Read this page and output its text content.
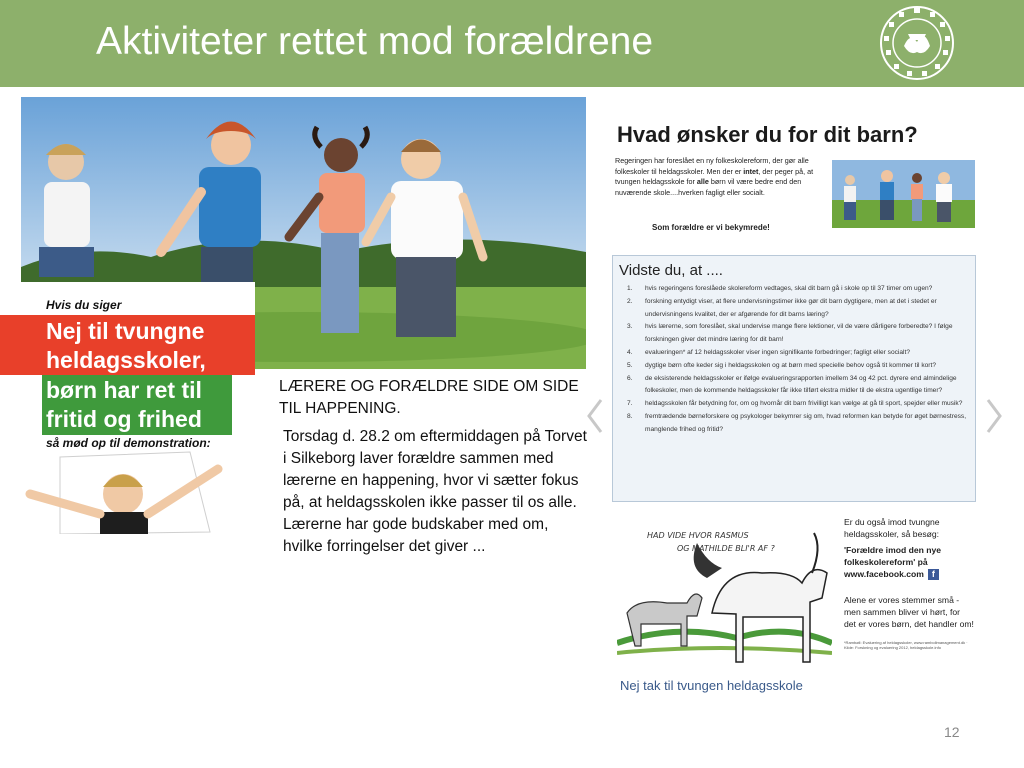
Aktiviteter rettet mod forældrene
Hvis du siger
Nej til tvungne
heldagsskoler,
børn har ret til
fritid og frihed
så mød op til demonstration:

LÆRERE OG FORÆLDRE SIDE OM SIDE TIL HAPPENING.

Torsdag d. 28.2 om eftermiddagen på Torvet i Silkeborg laver forældre sammen med lærerne en happening, hvor vi sætter fokus på, at heldagsskolen ikke passer til os alle. Lærerne har gode budskaber med om, hvilke forringelser det giver ...

Hvad ønsker du for dit barn?
Regeringen har foreslået en ny folkeskolereform, der gør alle folkeskoler til heldagsskoler. Men der er intet, der peger på, at tvungen heldagsskole for alle børn vil være bedre end den nuværende skole....hverken fagligt eller socialt.
Som forældre er vi bekymrede!
Vidste du, at ....
1.	hvis regeringens foreslåede skolereform vedtages, skal dit barn gå i skole op til 37 timer om ugen?
2.	forskning entydigt viser, at flere undervisningstimer ikke gør dit barn dygtigere, men at det i stedet er undervisningens kvalitet, der er afgørende for dit barns læring?
3.	hvis lærerne, som foreslået, skal undervise mange flere lektioner, vil de være dårligere forberedte? I følge forskningen giver det mindre læring for dit barn!
4.	evalueringen* af 12 heldagsskoler viser ingen signifikante forbedringer; fagligt eller socialt?
5.	dygtige børn ofte keder sig i heldagsskolen og at børn med specielle behov også tit kommer til kort?
6.	de eksisterende heldagsskoler er ifølge evalueringsrapporten imellem 34 og 42 pct. dyrere end almindelige folkeskoler, men de kommende heldagsskoler får ikke tilført ekstra midler til de ekstra ugentlige timer?
7.	heldagsskolen får betydning for, om og hvornår dit barn frivilligt kan vælge at gå til sport, spejder eller musik?
8.	fremtrædende børneforskere og psykologer bekymrer sig om, hvad reformen kan betyde for øget børnestress, manglende frihed og fritid?
HAD VIDE HVOR RASMUS
OG MATHILDE BLI'R AF ?
Nej tak til tvungen heldagsskole
Er du også imod tvungne heldagsskoler, så besøg:
'Forældre imod den nye folkeskolereform' på www.facebook.com f
Alene er vores stemmer små - men sammen bliver vi hørt, for det er vores børn, det handler om!
*Rambøll: Evaluering af heldagsskoler, www.rambollmanagement.dk · Kilde: Forskning og evaluering 2012, heldagsskole.info
12
